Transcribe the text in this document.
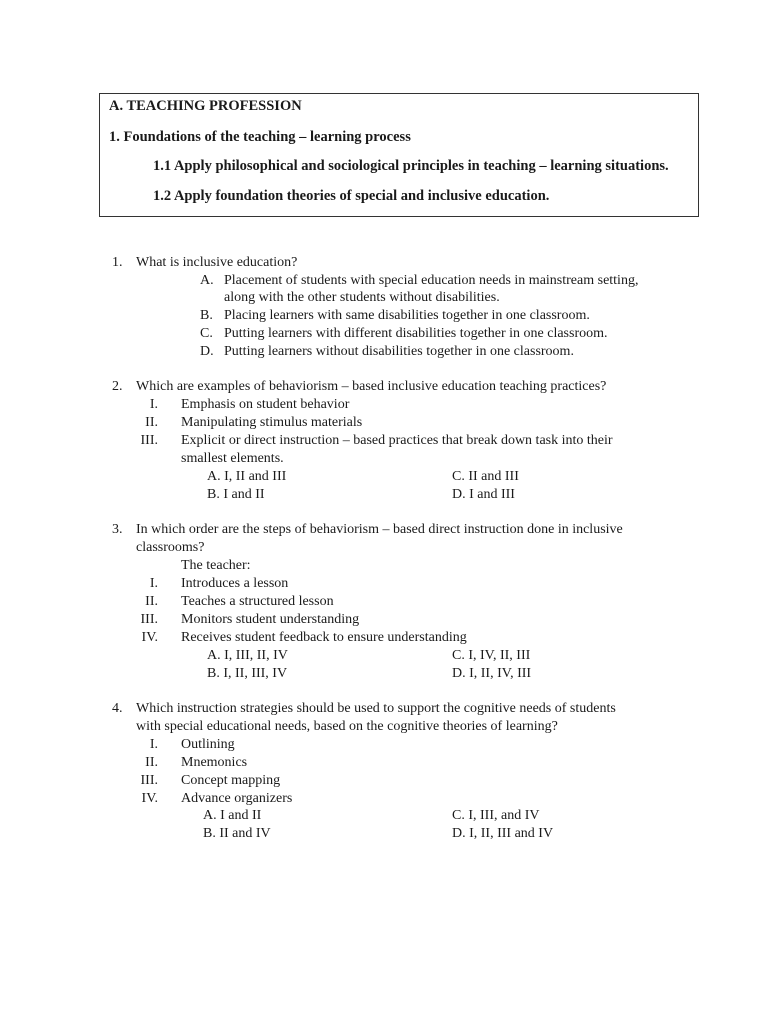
A. TEACHING PROFESSION
1. Foundations of the teaching – learning process
1.1 Apply philosophical and sociological principles in teaching – learning situations.
1.2 Apply foundation theories of special and inclusive education.
1. What is inclusive education?
A. Placement of students with special education needs in mainstream setting,
along with the other students without disabilities.
B. Placing learners with same disabilities together in one classroom.
C. Putting learners with different disabilities together in one classroom.
D. Putting learners without disabilities together in one classroom.
2. Which are examples of behaviorism – based inclusive education teaching practices?
I. Emphasis on student behavior
II. Manipulating stimulus materials
III. Explicit or direct instruction – based practices that break down task into their
smallest elements.
A. I, II and III	C. II and III
B. I and II	D. I and III
3. In which order are the steps of behaviorism – based direct instruction done in inclusive
classrooms?
The teacher:
I. Introduces a lesson
II. Teaches a structured lesson
III. Monitors student understanding
IV. Receives student feedback to ensure understanding
A. I, III, II, IV	C. I, IV, II, III
B. I, II, III, IV	D. I, II, IV, III
4. Which instruction strategies should be used to support the cognitive needs of students
with special educational needs, based on the cognitive theories of learning?
I. Outlining
II. Mnemonics
III. Concept mapping
IV. Advance organizers
A. I and II	C. I, III, and IV
B. II and IV	D. I, II, III and IV
